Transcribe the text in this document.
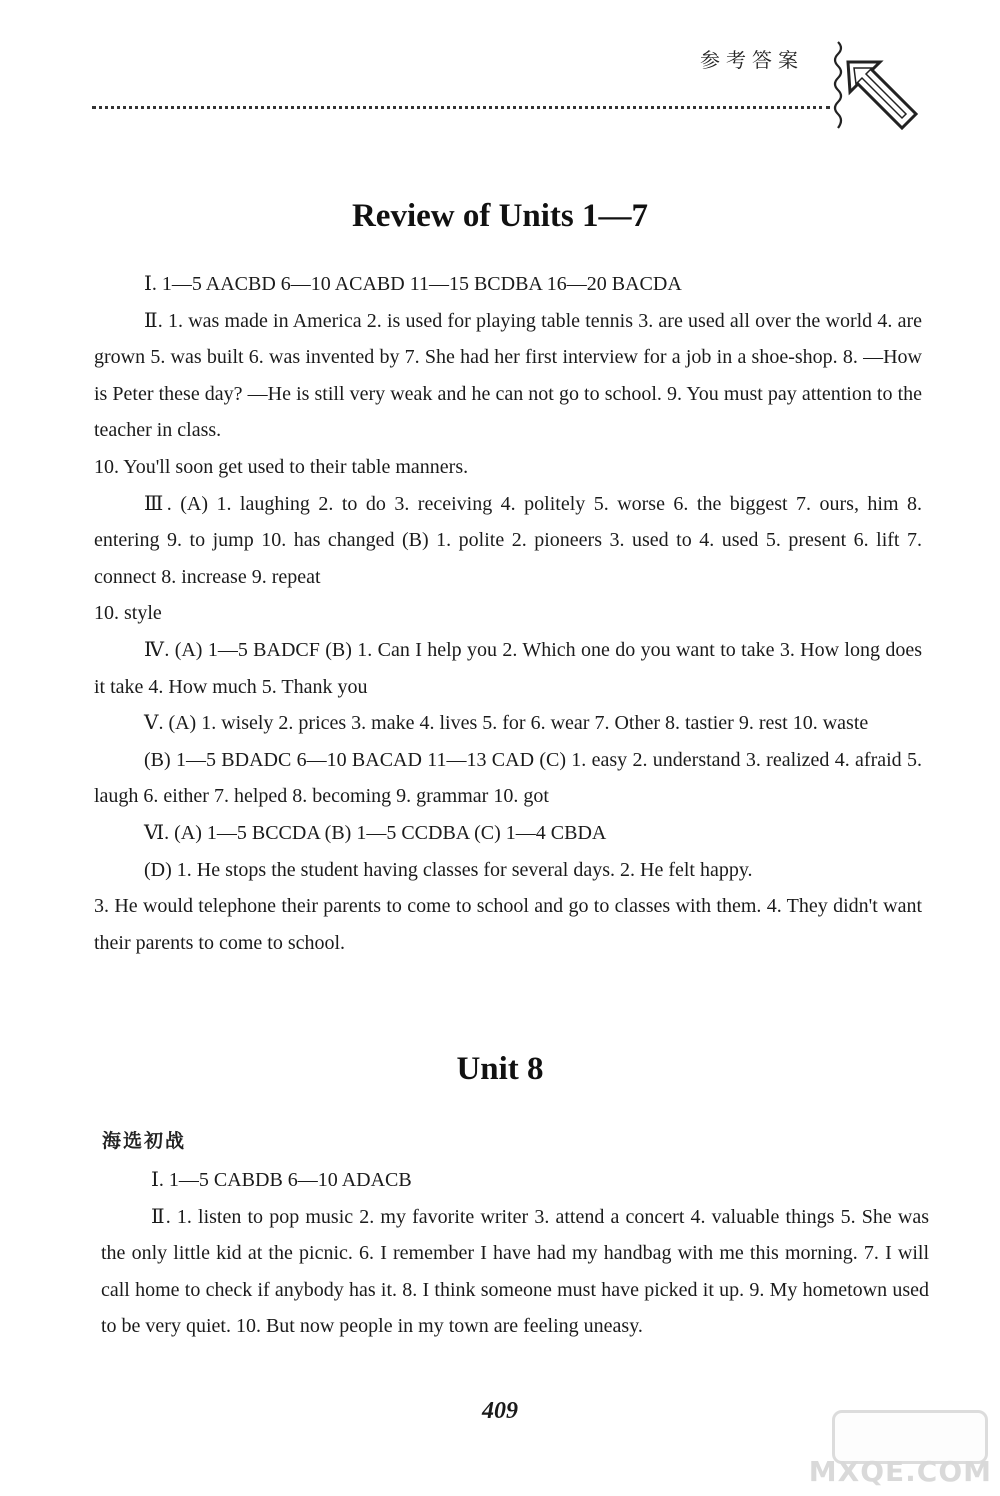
参考答案
Review of Units 1—7

Ⅰ. 1—5 AACBD 6—10 ACABD 11—15 BCDBA 16—20 BACDA

Ⅱ. 1. was made in America 2. is used for playing table tennis 3. are used all over the world 4. are grown 5. was built 6. was invented by 7. She had her first interview for a job in a shoe-shop. 8. —How is Peter these day? —He is still very weak and he can not go to school. 9. You must pay attention to the teacher in class.

10. You'll soon get used to their table manners.

Ⅲ. (A) 1. laughing 2. to do 3. receiving 4. politely 5. worse 6. the biggest 7. ours, him 8. entering 9. to jump 10. has changed (B) 1. polite 2. pioneers 3. used to 4. used 5. present 6. lift 7. connect 8. increase 9. repeat

10. style

Ⅳ. (A) 1—5 BADCF (B) 1. Can I help you 2. Which one do you want to take 3. How long does it take 4. How much 5. Thank you

Ⅴ. (A) 1. wisely 2. prices 3. make 4. lives 5. for 6. wear 7. Other 8. tastier 9. rest 10. waste

(B) 1—5 BDADC 6—10 BACAD 11—13 CAD (C) 1. easy 2. understand 3. realized 4. afraid 5. laugh 6. either 7. helped 8. becoming 9. grammar 10. got

Ⅵ. (A) 1—5 BCCDA (B) 1—5 CCDBA (C) 1—4 CBDA

(D) 1. He stops the student having classes for several days. 2. He felt happy.

3. He would telephone their parents to come to school and go to classes with them. 4. They didn't want their parents to come to school.

Unit 8
海选初战

Ⅰ. 1—5 CABDB 6—10 ADACB

Ⅱ. 1. listen to pop music 2. my favorite writer 3. attend a concert 4. valuable things 5. She was the only little kid at the picnic. 6. I remember I have had my handbag with me this morning. 7. I will call home to check if anybody has it. 8. I think someone must have picked it up. 9. My hometown used to be very quiet. 10. But now people in my town are feeling uneasy.

409
MXQE.COM
